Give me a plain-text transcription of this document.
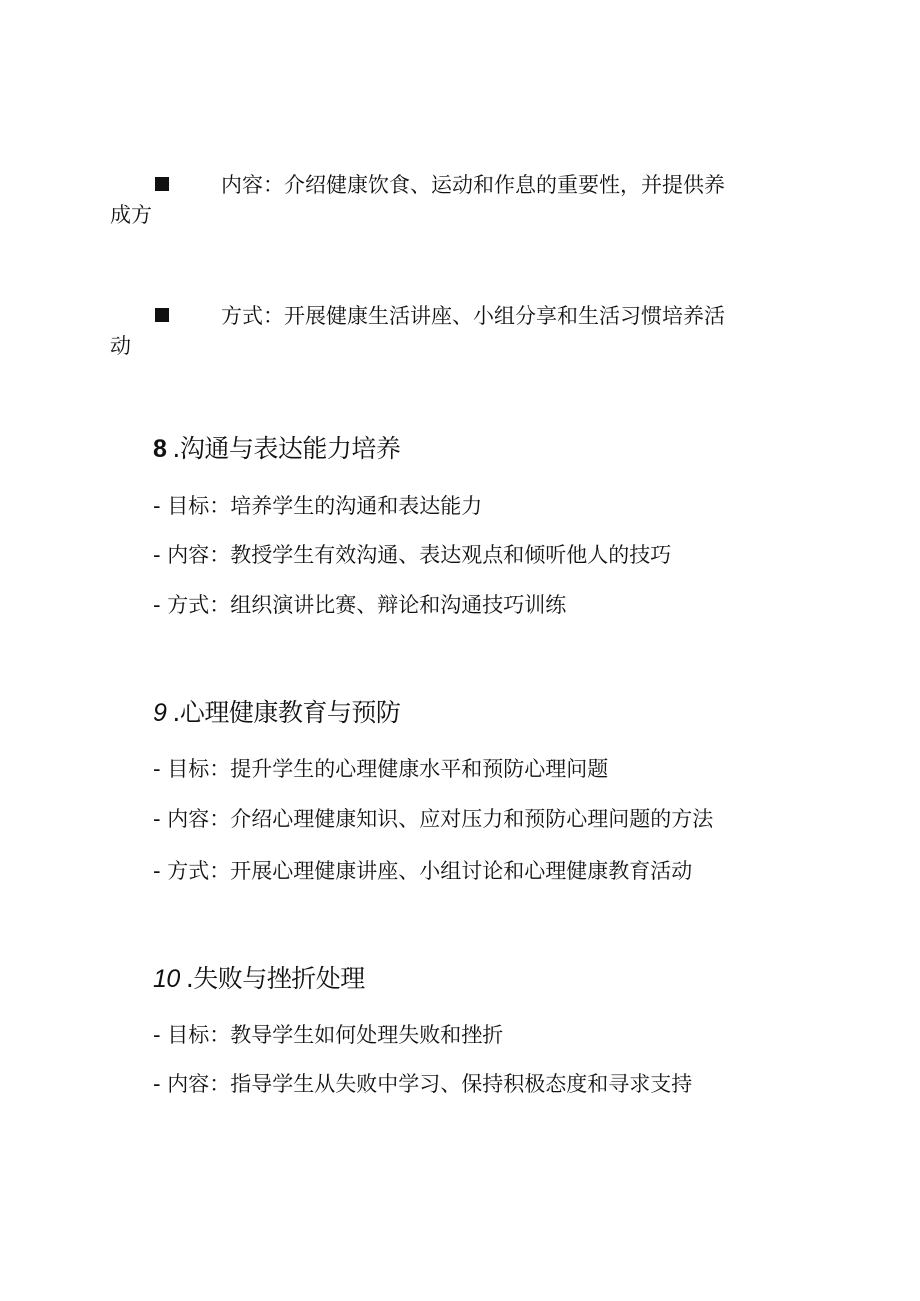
内容：介绍健康饮食、运动和作息的重要性，并提供养
成方
方式：开展健康生活讲座、小组分享和生活习惯培养活
动
8 .沟通与表达能力培养
- 目标：培养学生的沟通和表达能力
- 内容：教授学生有效沟通、表达观点和倾听他人的技巧
- 方式：组织演讲比赛、辩论和沟通技巧训练
9 .心理健康教育与预防
- 目标：提升学生的心理健康水平和预防心理问题
- 内容：介绍心理健康知识、应对压力和预防心理问题的方法
- 方式：开展心理健康讲座、小组讨论和心理健康教育活动
10 .失败与挫折处理
- 目标：教导学生如何处理失败和挫折
- 内容：指导学生从失败中学习、保持积极态度和寻求支持
